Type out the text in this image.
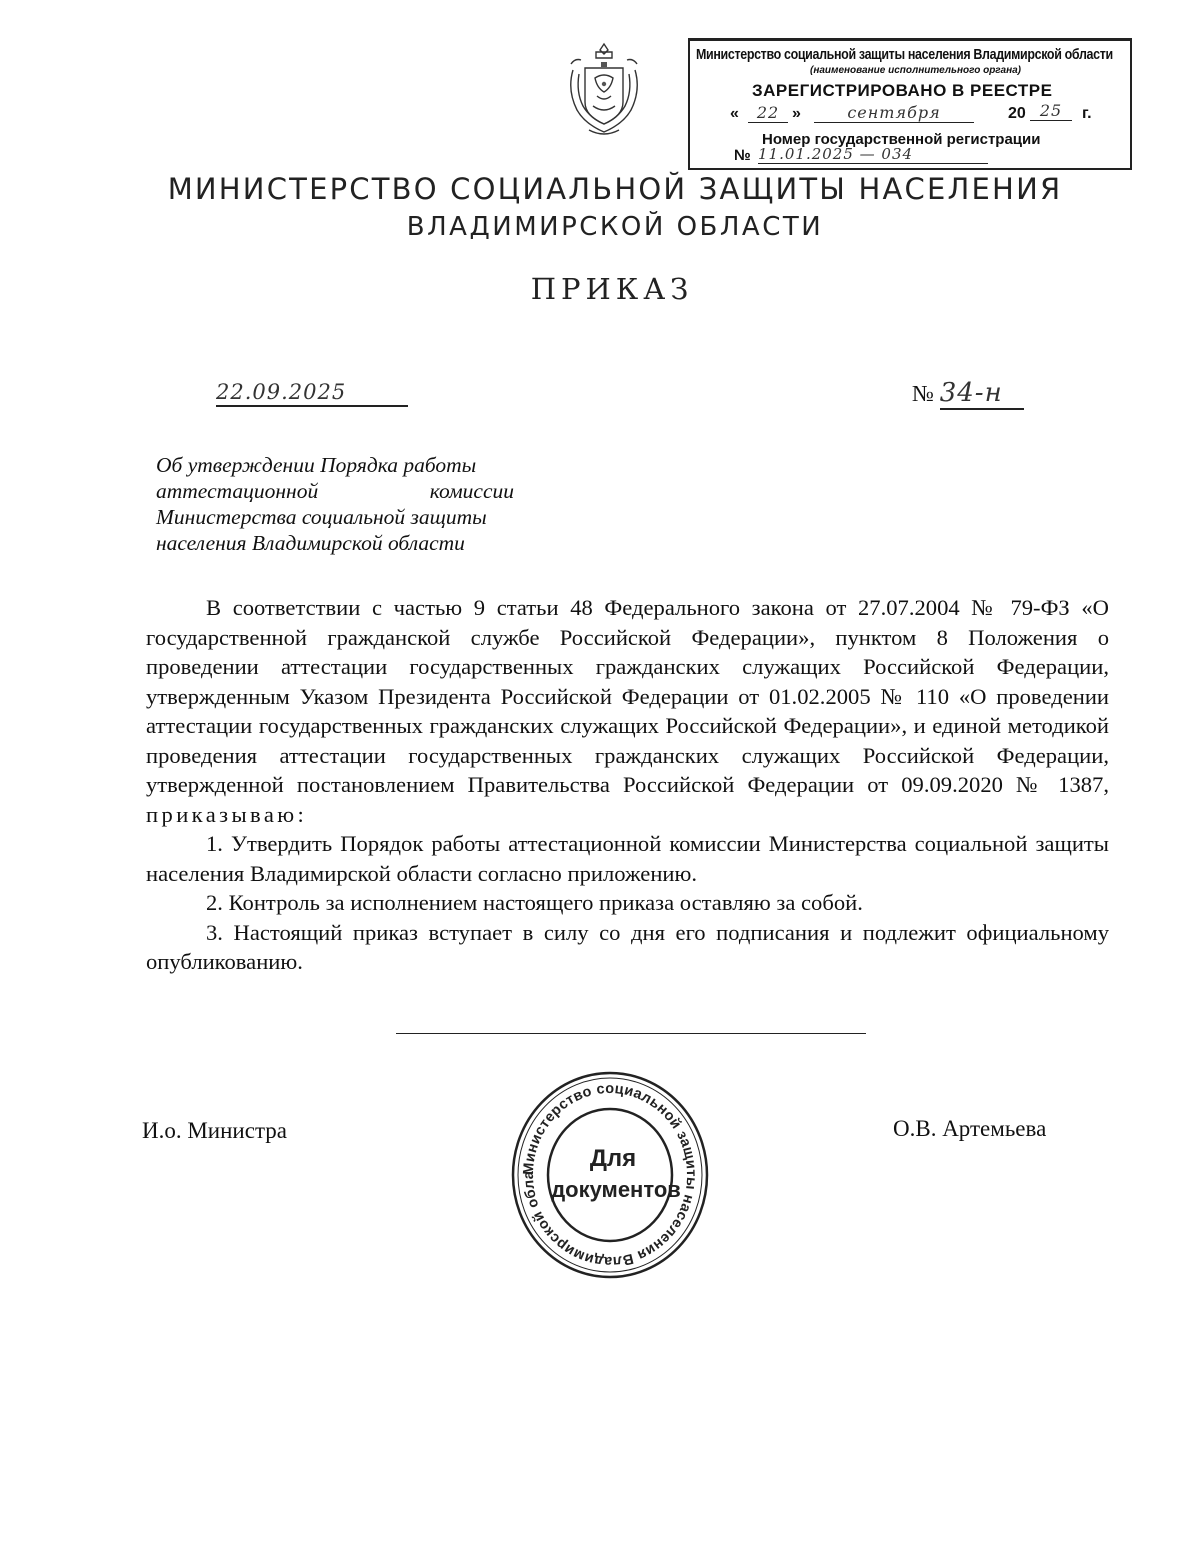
Министерство социальной защиты населения Владимирской области
(наименование исполнительного органа)
ЗАРЕГИСТРИРОВАНО В РЕЕСТРЕ
«	22 »	сентября	20 25	г.
Номер государственной регистрации
№ 11.01.2025 — 034
МИНИСТЕРСТВО СОЦИАЛЬНОЙ ЗАЩИТЫ НАСЕЛЕНИЯ
ВЛАДИМИРСКОЙ ОБЛАСТИ
ПРИКАЗ
22.09.2025	№ 34-н
Об утверждении Порядка работы
аттестационной комиссии
Министерства социальной защиты
населения Владимирской области

В соответствии с частью 9 статьи 48 Федерального закона от 27.07.2004 № 79-ФЗ «О государственной гражданской службе Российской Федерации», пунктом 8 Положения о проведении аттестации государственных гражданских служащих Российской Федерации, утвержденным Указом Президента Российской Федерации от 01.02.2005 № 110 «О проведении аттестации государственных гражданских служащих Российской Федерации», и единой методикой проведения аттестации государственных гражданских служащих Российской Федерации, утвержденной постановлением Правительства Российской Федерации от 09.09.2020 № 1387, приказываю:

1. Утвердить Порядок работы аттестационной комиссии Министерства социальной защиты населения Владимирской области согласно приложению.

2. Контроль за исполнением настоящего приказа оставляю за собой.

3. Настоящий приказ вступает в силу со дня его подписания и подлежит официальному опубликованию.

И.о. Министра	О.В. Артемьева
Министерство социальной защиты населения Владимирской обла
Для
документов
